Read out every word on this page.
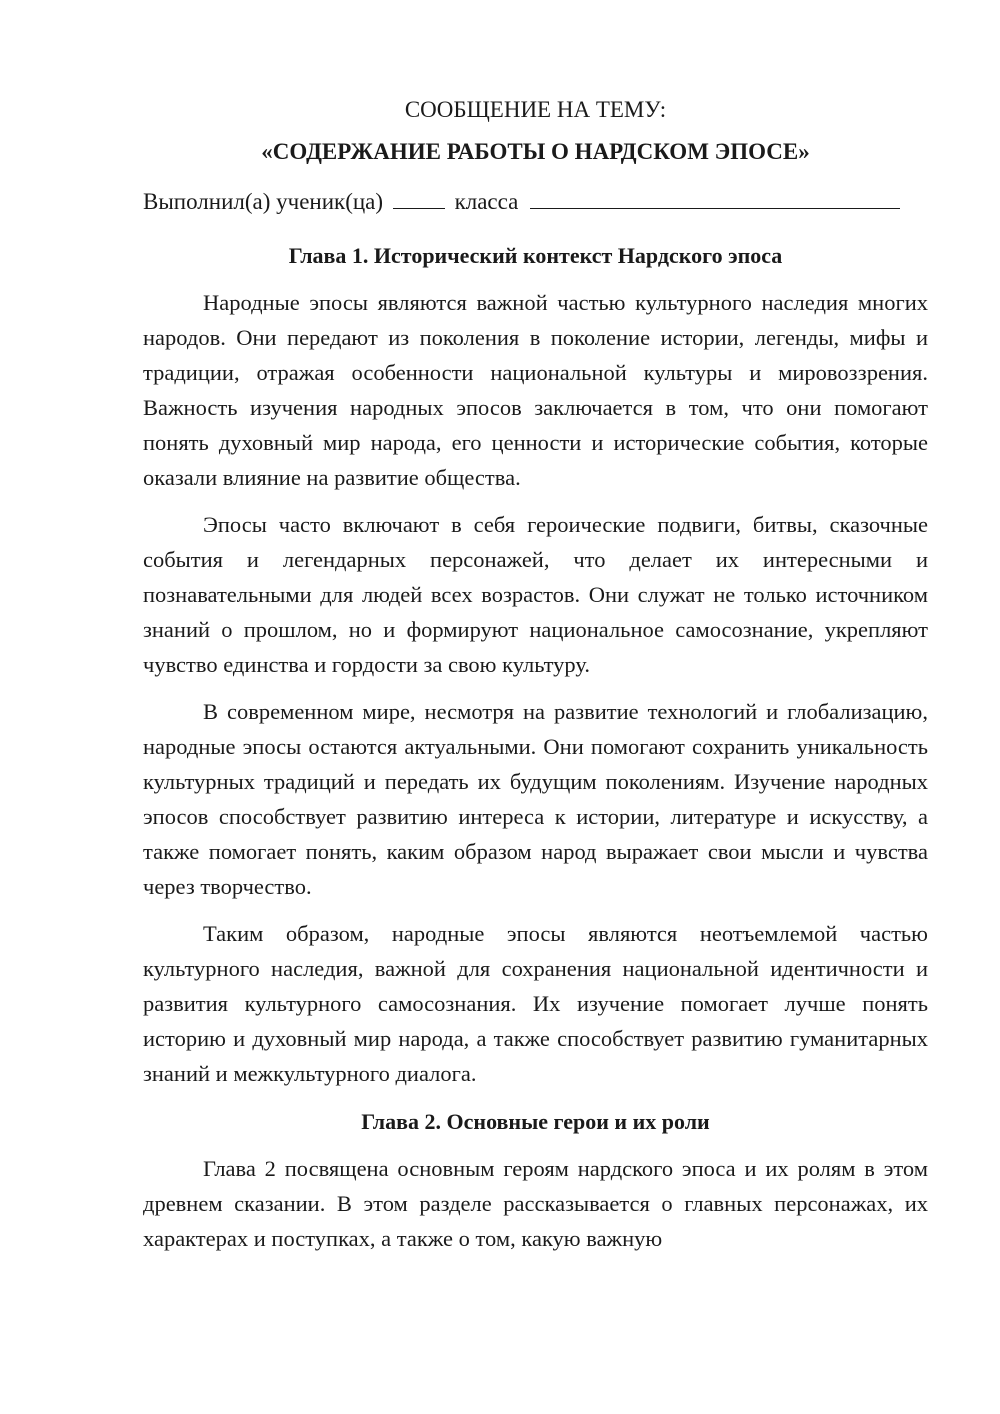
СООБЩЕНИЕ НА ТЕМУ:

«СОДЕРЖАНИЕ РАБОТЫ О НАРДСКОМ ЭПОСЕ»

Выполнил(а) ученик(ца)	класса

Глава 1. Исторический контекст Нардского эпоса

Народные эпосы являются важной частью культурного наследия многих народов. Они передают из поколения в поколение истории, легенды, мифы и традиции, отражая особенности национальной культуры и мировоззрения. Важность изучения народных эпосов заключается в том, что они помогают понять духовный мир народа, его ценности и исторические события, которые оказали влияние на развитие общества.

Эпосы часто включают в себя героические подвиги, битвы, сказочные события и легендарных персонажей, что делает их интересными и познавательными для людей всех возрастов. Они служат не только источником знаний о прошлом, но и формируют национальное самосознание, укрепляют чувство единства и гордости за свою культуру.

В современном мире, несмотря на развитие технологий и глобализацию, народные эпосы остаются актуальными. Они помогают сохранить уникальность культурных традиций и передать их будущим поколениям. Изучение народных эпосов способствует развитию интереса к истории, литературе и искусству, а также помогает понять, каким образом народ выражает свои мысли и чувства через творчество.

Таким образом, народные эпосы являются неотъемлемой частью культурного наследия, важной для сохранения национальной идентичности и развития культурного самосознания. Их изучение помогает лучше понять историю и духовный мир народа, а также способствует развитию гуманитарных знаний и межкультурного диалога.

Глава 2. Основные герои и их роли

Глава 2 посвящена основным героям нардского эпоса и их ролям в этом древнем сказании. В этом разделе рассказывается о главных персонажах, их характерах и поступках, а также о том, какую важную
